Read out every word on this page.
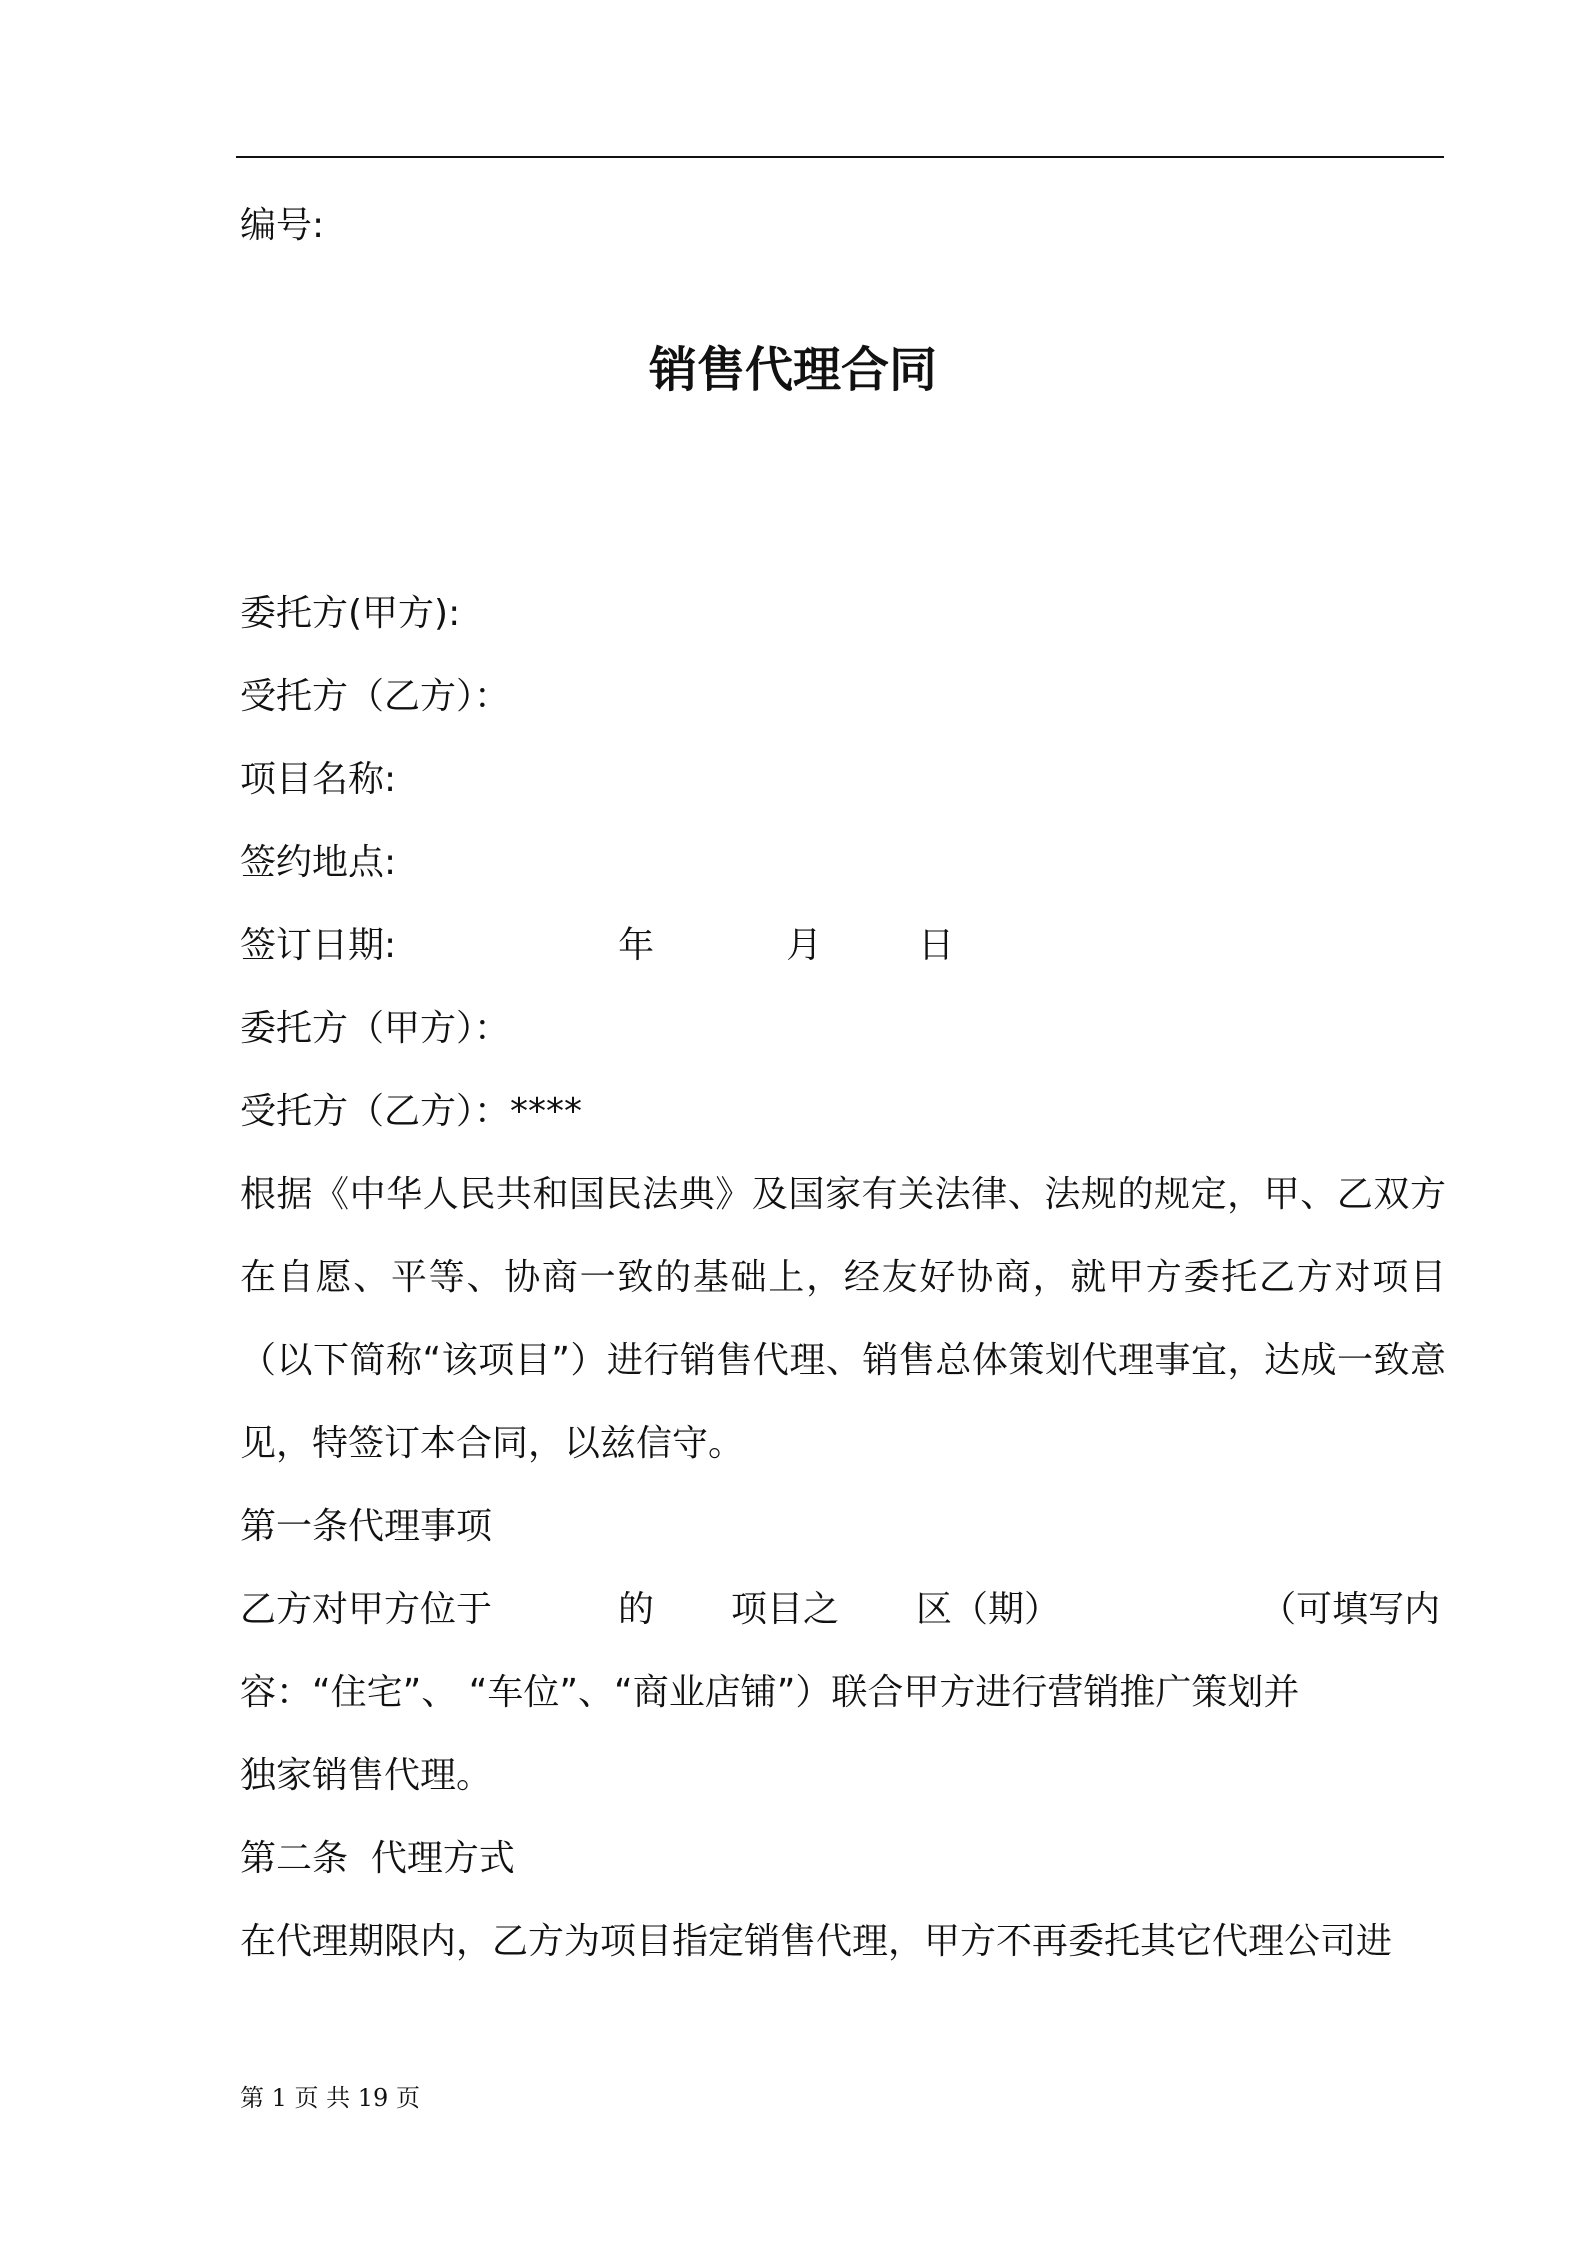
编号:
销售代理合同
委托方(甲方):
受托方（乙方）：
项目名称:
签约地点:
签订日期:	年	月	日
委托方（甲方）：
受托方（乙方）：****
根据《中华人民共和国民法典》及国家有关法律、法规的规定，甲、乙双方在自愿、平等、协商一致的基础上，经友好协商，就甲方委托乙方对项目（以下简称“该项目”）进行销售代理、销售总体策划代理事宜，达成一致意见，特签订本合同，以兹信守。
第一条代理事项
乙方对甲方位于	的 项目之 区（期）	（可填写内
容：“住宅”、 “车位”、“商业店铺”）联合甲方进行营销推广策划并
独家销售代理。
第二条  代理方式
在代理期限内，乙方为项目指定销售代理，甲方不再委托其它代理公司进
第 1 页 共 19 页
